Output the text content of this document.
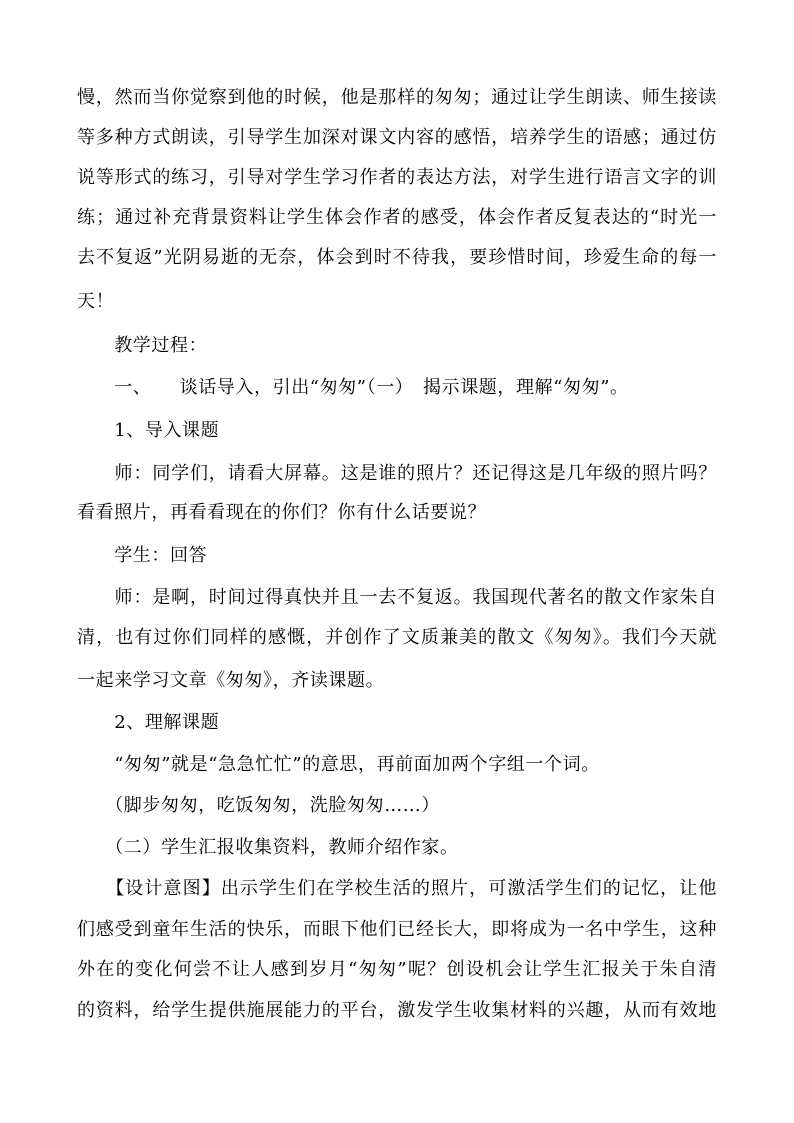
慢，然而当你觉察到他的时候，他是那样的匆匆；通过让学生朗读、师生接读
等多种方式朗读，引导学生加深对课文内容的感悟，培养学生的语感；通过仿
说等形式的练习，引导对学生学习作者的表达方法，对学生进行语言文字的训
练；通过补充背景资料让学生体会作者的感受，体会作者反复表达的“时光一
去不复返”光阴易逝的无奈，体会到时不待我，要珍惜时间，珍爱生命的每一
天！
　　教学过程：
　　一、　　谈话导入，引出“匆匆”（一）　揭示课题，理解“匆匆”。
　　1、导入课题
　　师：同学们，请看大屏幕。这是谁的照片？还记得这是几年级的照片吗？
看看照片，再看看现在的你们？你有什么话要说？
　　学生：回答
　　师：是啊，时间过得真快并且一去不复返。我国现代著名的散文作家朱自
清，也有过你们同样的感慨，并创作了文质兼美的散文《匆匆》。我们今天就
一起来学习文章《匆匆》，齐读课题。
　　2、理解课题
　　“匆匆”就是“急急忙忙”的意思，再前面加两个字组一个词。
　　（脚步匆匆，吃饭匆匆，洗脸匆匆……）
　　（二）学生汇报收集资料，教师介绍作家。
　　【设计意图】出示学生们在学校生活的照片，可激活学生们的记忆，让他
们感受到童年生活的快乐，而眼下他们已经长大，即将成为一名中学生，这种
外在的变化何尝不让人感到岁月“匆匆”呢？创设机会让学生汇报关于朱自清
的资料，给学生提供施展能力的平台，激发学生收集材料的兴趣，从而有效地
